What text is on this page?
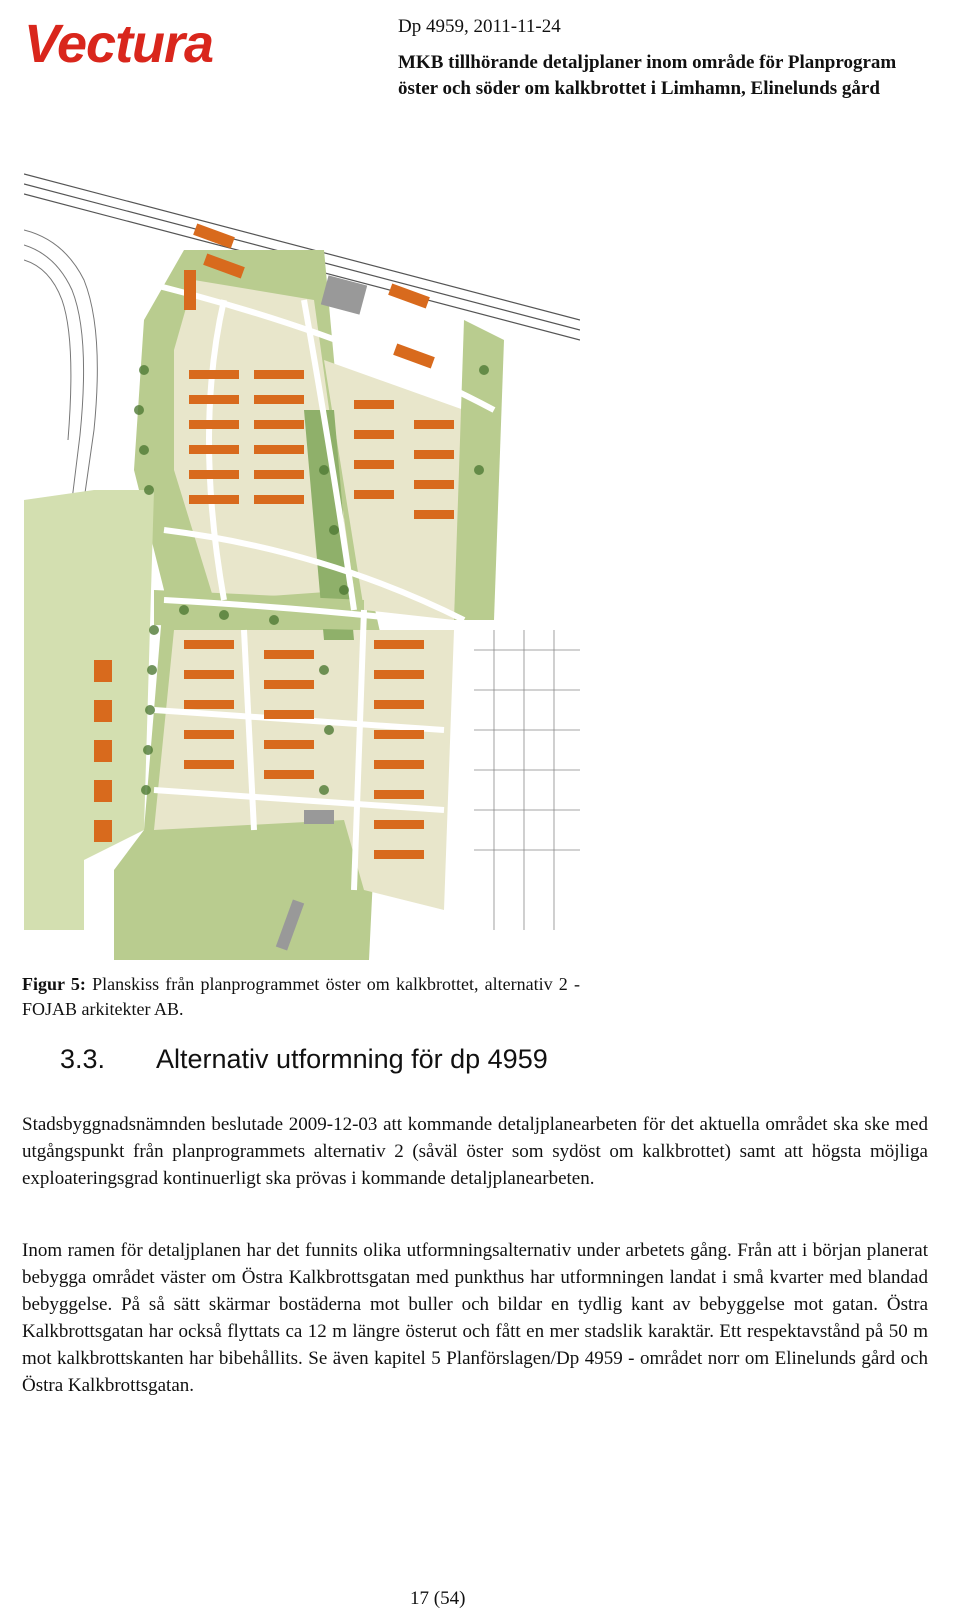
Vectura	Dp 4959, 2011-11-24
MKB tillhörande detaljplaner inom område för Planprogram
öster och söder om kalkbrottet i Limhamn, Elinelunds gård
Figur 5: Planskiss från planprogrammet öster om kalkbrottet, alternativ 2 - FOJAB arkitekter AB.
3.3. Alternativ utformning för dp 4959

Stadsbyggnadsnämnden beslutade 2009-12-03 att kommande detaljplanearbeten för det aktuella området ska ske med utgångspunkt från planprogrammets alternativ 2 (såväl öster som sydöst om kalkbrottet) samt att högsta möjliga exploateringsgrad kontinuerligt ska prövas i kommande detaljplanearbeten.

Inom ramen för detaljplanen har det funnits olika utformningsalternativ under arbetets gång. Från att i början planerat bebygga området väster om Östra Kalkbrottsgatan med punkthus har utformningen landat i små kvarter med blandad bebyggelse. På så sätt skärmar bostäderna mot buller och bildar en tydlig kant av bebyggelse mot gatan. Östra Kalkbrottsgatan har också flyttats ca 12 m längre österut och fått en mer stadslik karaktär. Ett respektavstånd på 50 m mot kalkbrottskanten har bibehållits. Se även kapitel 5 Planförslagen/Dp 4959 - området norr om Elinelunds gård och Östra Kalkbrottsgatan.

17 (54)
